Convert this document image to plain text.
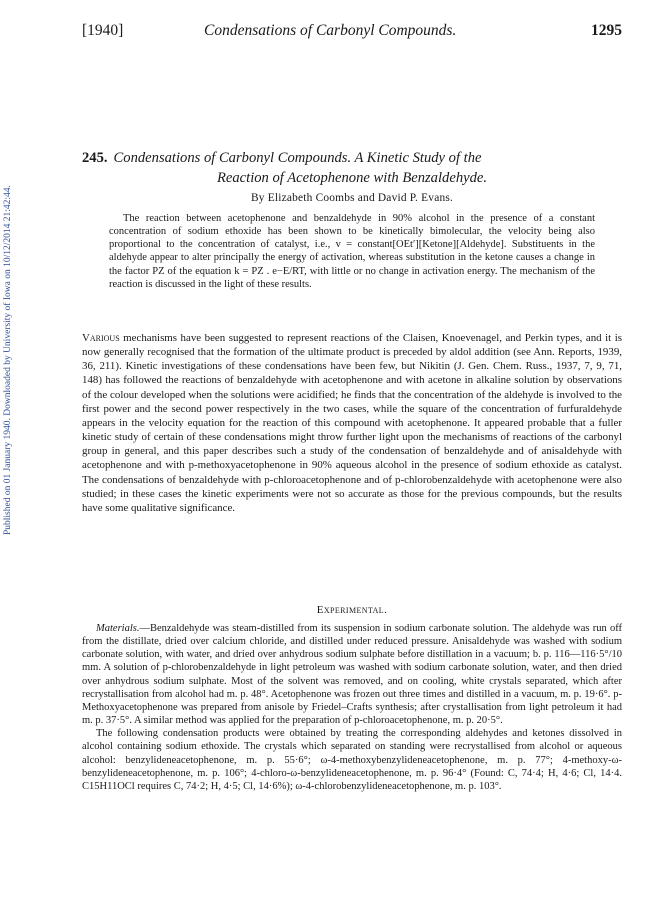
Published on 01 January 1940. Downloaded by University of Iowa on 10/12/2014 21:42:44.
[1940]	Condensations of Carbonyl Compounds.	1295
245. Condensations of Carbonyl Compounds. A Kinetic Study of the
Reaction of Acetophenone with Benzaldehyde.
By Elizabeth Coombs and David P. Evans.
The reaction between acetophenone and benzaldehyde in 90% alcohol in the presence of a constant concentration of sodium ethoxide has been shown to be kinetically bimolecular, the velocity being also proportional to the concentration of catalyst, i.e., v = constant[OEt′][Ketone][Aldehyde]. Substituents in the aldehyde appear to alter principally the energy of activation, whereas substitution in the ketone causes a change in the factor PZ of the equation k = PZ . e−E/RT, with little or no change in activation energy. The mechanism of the reaction is discussed in the light of these results.
Various mechanisms have been suggested to represent reactions of the Claisen, Knoevenagel, and Perkin types, and it is now generally recognised that the formation of the ultimate product is preceded by aldol addition (see Ann. Reports, 1939, 36, 211). Kinetic investigations of these condensations have been few, but Nikitin (J. Gen. Chem. Russ., 1937, 7, 9, 71, 148) has followed the reactions of benzaldehyde with acetophenone and with acetone in alkaline solution by observations of the colour developed when the solutions were acidified; he finds that the concentration of the aldehyde is involved to the first power and the second power respectively in the two cases, while the square of the concentration of furfuraldehyde appears in the velocity equation for the reaction of this compound with acetophenone. It appeared probable that a fuller kinetic study of certain of these condensations might throw further light upon the mechanisms of reactions of the carbonyl group in general, and this paper describes such a study of the condensation of benzaldehyde and of anisaldehyde with acetophenone and with p-methoxyacetophenone in 90% aqueous alcohol in the presence of sodium ethoxide as catalyst. The condensations of benzaldehyde with p-chloroacetophenone and of p-chlorobenzaldehyde with acetophenone were also studied; in these cases the kinetic experiments were not so accurate as those for the previous compounds, but the results have some qualitative significance.
Experimental.

Materials.—Benzaldehyde was steam-distilled from its suspension in sodium carbonate solution. The aldehyde was run off from the distillate, dried over calcium chloride, and distilled under reduced pressure. Anisaldehyde was washed with sodium carbonate solution, with water, and dried over anhydrous sodium sulphate before distillation in a vacuum; b. p. 116—116·5°/10 mm. A solution of p-chlorobenzaldehyde in light petroleum was washed with sodium carbonate solution, water, and then dried over anhydrous sodium sulphate. Most of the solvent was removed, and on cooling, white crystals separated, which after recrystallisation from alcohol had m. p. 48°. Acetophenone was frozen out three times and distilled in a vacuum, m. p. 19·6°. p-Methoxyacetophenone was prepared from anisole by Friedel–Crafts synthesis; after crystallisation from light petroleum it had m. p. 37·5°. A similar method was applied for the preparation of p-chloroacetophenone, m. p. 20·5°.

The following condensation products were obtained by treating the corresponding aldehydes and ketones dissolved in alcohol containing sodium ethoxide. The crystals which separated on standing were recrystallised from alcohol or aqueous alcohol: benzylideneacetophenone, m. p. 55·6°; ω-4-methoxybenzylideneacetophenone, m. p. 77°; 4-methoxy-ω-benzylideneacetophenone, m. p. 106°; 4-chloro-ω-benzylideneacetophenone, m. p. 96·4° (Found: C, 74·4; H, 4·6; Cl, 14·4. C15H11OCl requires C, 74·2; H, 4·5; Cl, 14·6%); ω-4-chlorobenzylideneacetophenone, m. p. 103°.
